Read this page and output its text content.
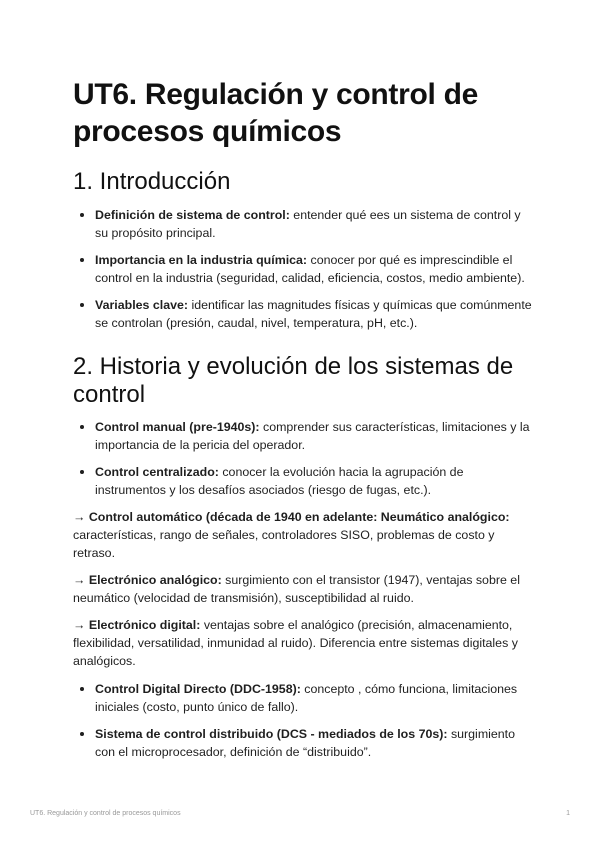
UT6. Regulación y control de procesos químicos
1. Introducción
Definición de sistema de control: entender qué ees un sistema de control y su propósito principal.
Importancia en la industria química: conocer por qué es imprescindible el control en la industria (seguridad, calidad, eficiencia, costos, medio ambiente).
Variables clave: identificar las magnitudes físicas y químicas que comúnmente se controlan (presión, caudal, nivel, temperatura, pH, etc.).
2. Historia y evolución de los sistemas de control
Control manual (pre-1940s): comprender sus características, limitaciones y la importancia de la pericia del operador.
Control centralizado: conocer la evolución hacia la agrupación de instrumentos y los desafíos asociados (riesgo de fugas, etc.).

→ Control automático (década de 1940 en adelante: Neumático analógico: características, rango de señales, controladores SISO, problemas de costo y retraso.

→ Electrónico analógico: surgimiento con el transistor (1947), ventajas sobre el neumático (velocidad de transmisión), susceptibilidad al ruido.

→ Electrónico digital: ventajas sobre el analógico (precisión, almacenamiento, flexibilidad, versatilidad, inmunidad al ruido). Diferencia entre sistemas digitales y analógicos.

Control Digital Directo (DDC-1958): concepto , cómo funciona, limitaciones iniciales (costo, punto único de fallo).
Sistema de control distribuido (DCS - mediados de los 70s): surgimiento con el microprocesador, definición de “distribuido”.
UT6. Regulación y control de procesos químicos	1
